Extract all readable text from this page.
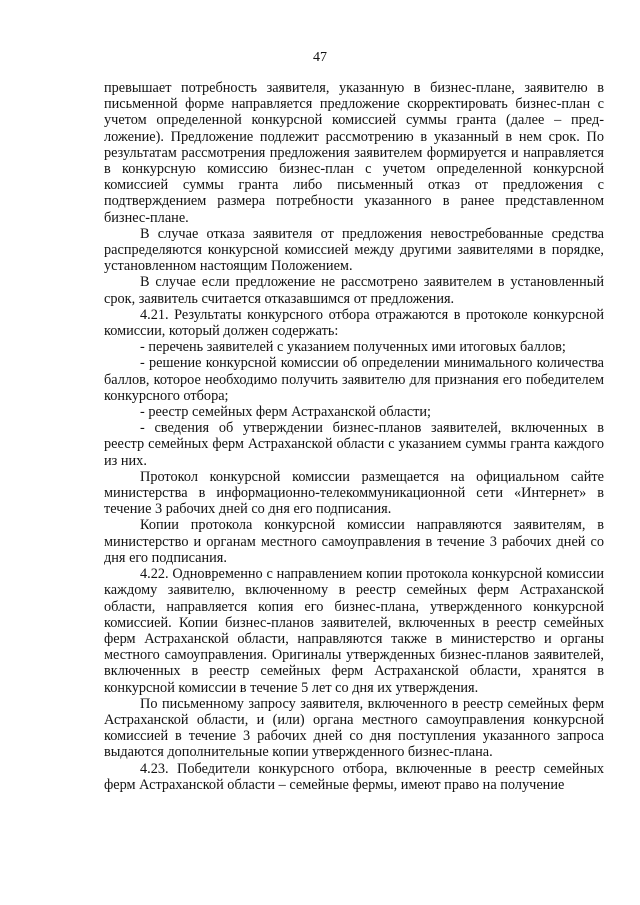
47

превышает потребность заявителя, указанную в бизнес-плане, заявителю в письменной форме направляется предложение скорректировать бизнес-план с учетом определенной конкурсной комиссией суммы гранта (далее – предложение). Предложение подлежит рассмотрению в указанный в нем срок. По результатам рассмотрения предложения заявителем формируется и направляется в конкурсную комиссию бизнес-план с учетом определенной конкурсной комиссией суммы гранта либо письменный отказ от предложения с подтверждением размера потребности указанного в ранее представленном бизнес-плане.

В случае отказа заявителя от предложения невостребованные средства распределяются конкурсной комиссией между другими заявителями в порядке, установленном настоящим Положением.

В случае если предложение не рассмотрено заявителем в установленный срок, заявитель считается отказавшимся от предложения.

4.21. Результаты конкурсного отбора отражаются в протоколе конкурсной комиссии, который должен содержать:

- перечень заявителей с указанием полученных ими итоговых баллов;

- решение конкурсной комиссии об определении минимального количества баллов, которое необходимо получить заявителю для признания его победителем конкурсного отбора;

- реестр семейных ферм Астраханской области;

- сведения об утверждении бизнес-планов заявителей, включенных в реестр семейных ферм Астраханской области с указанием суммы гранта каждого из них.

Протокол конкурсной комиссии размещается на официальном сайте министерства в информационно-телекоммуникационной сети «Интернет» в течение 3 рабочих дней со дня его подписания.

Копии протокола конкурсной комиссии направляются заявителям, в министерство и органам местного самоуправления в течение 3 рабочих дней со дня его подписания.

4.22. Одновременно с направлением копии протокола конкурсной комиссии каждому заявителю, включенному в реестр семейных ферм Астраханской области, направляется копия его бизнес-плана, утвержденного конкурсной комиссией. Копии бизнес-планов заявителей, включенных в реестр семейных ферм Астраханской области, направляются также в министерство и органы местного самоуправления. Оригиналы утвержденных бизнес-планов заявителей, включенных в реестр семейных ферм Астраханской области, хранятся в конкурсной комиссии в течение 5 лет со дня их утверждения.

По письменному запросу заявителя, включенного в реестр семейных ферм Астраханской области, и (или) органа местного самоуправления конкурсной комиссией в течение 3 рабочих дней со дня поступления указанного запроса выдаются дополнительные копии утвержденного бизнес-плана.

4.23. Победители конкурсного отбора, включенные в реестр семейных ферм Астраханской области – семейные фермы, имеют право на получение
